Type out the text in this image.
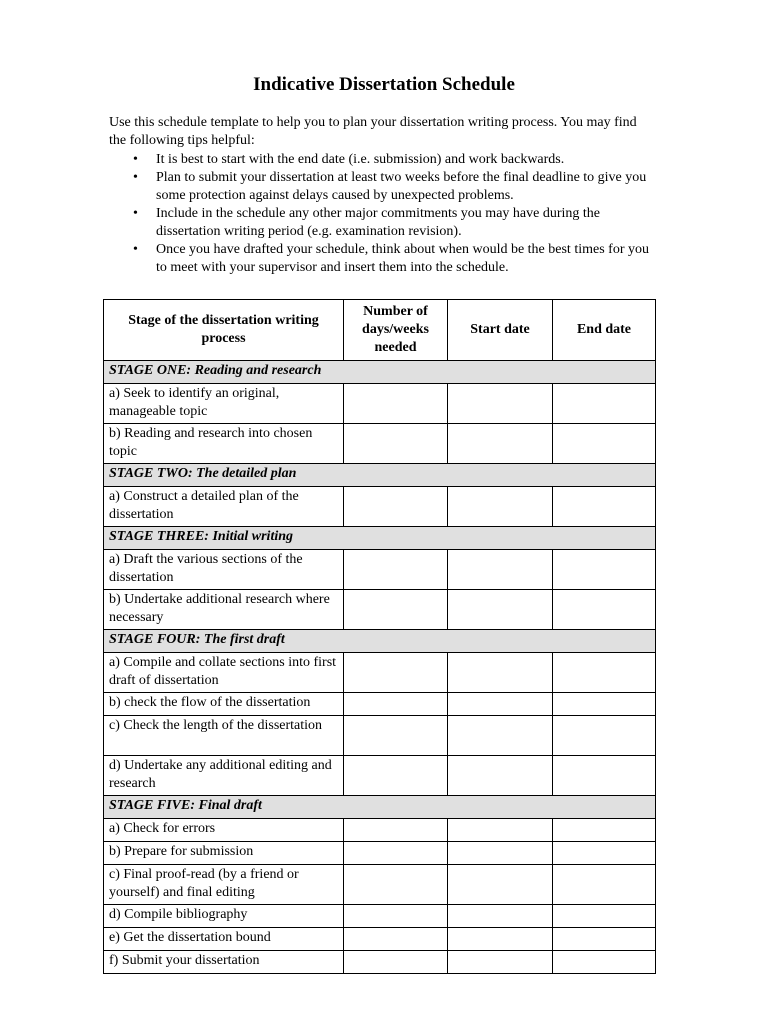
Indicative Dissertation Schedule

Use this schedule template to help you to plan your dissertation writing process. You may find the following tips helpful:

• It is best to start with the end date (i.e. submission) and work backwards.
• Plan to submit your dissertation at least two weeks before the final deadline to give you some protection against delays caused by unexpected problems.
• Include in the schedule any other major commitments you may have during the dissertation writing period (e.g. examination revision).
• Once you have drafted your schedule, think about when would be the best times for you to meet with your supervisor and insert them into the schedule.
Stage of the dissertation writing process	Number of days/weeks needed	Start date	End date
STAGE ONE: Reading and research			
a) Seek to identify an original, manageable topic			
b) Reading and research into chosen topic			
STAGE TWO: The detailed plan			
a) Construct a detailed plan of the dissertation			
STAGE THREE: Initial writing			
a) Draft the various sections of the dissertation			
b) Undertake additional research where necessary			
STAGE FOUR: The first draft			
a) Compile and collate sections into first draft of dissertation			
b) check the flow of the dissertation			
c) Check the length of the dissertation			
d) Undertake any additional editing and research			
STAGE FIVE: Final draft			
a) Check for errors			
b) Prepare for submission			
c) Final proof-read (by a friend or yourself) and final editing			
d) Compile bibliography			
e) Get the dissertation bound			
f) Submit your dissertation			
